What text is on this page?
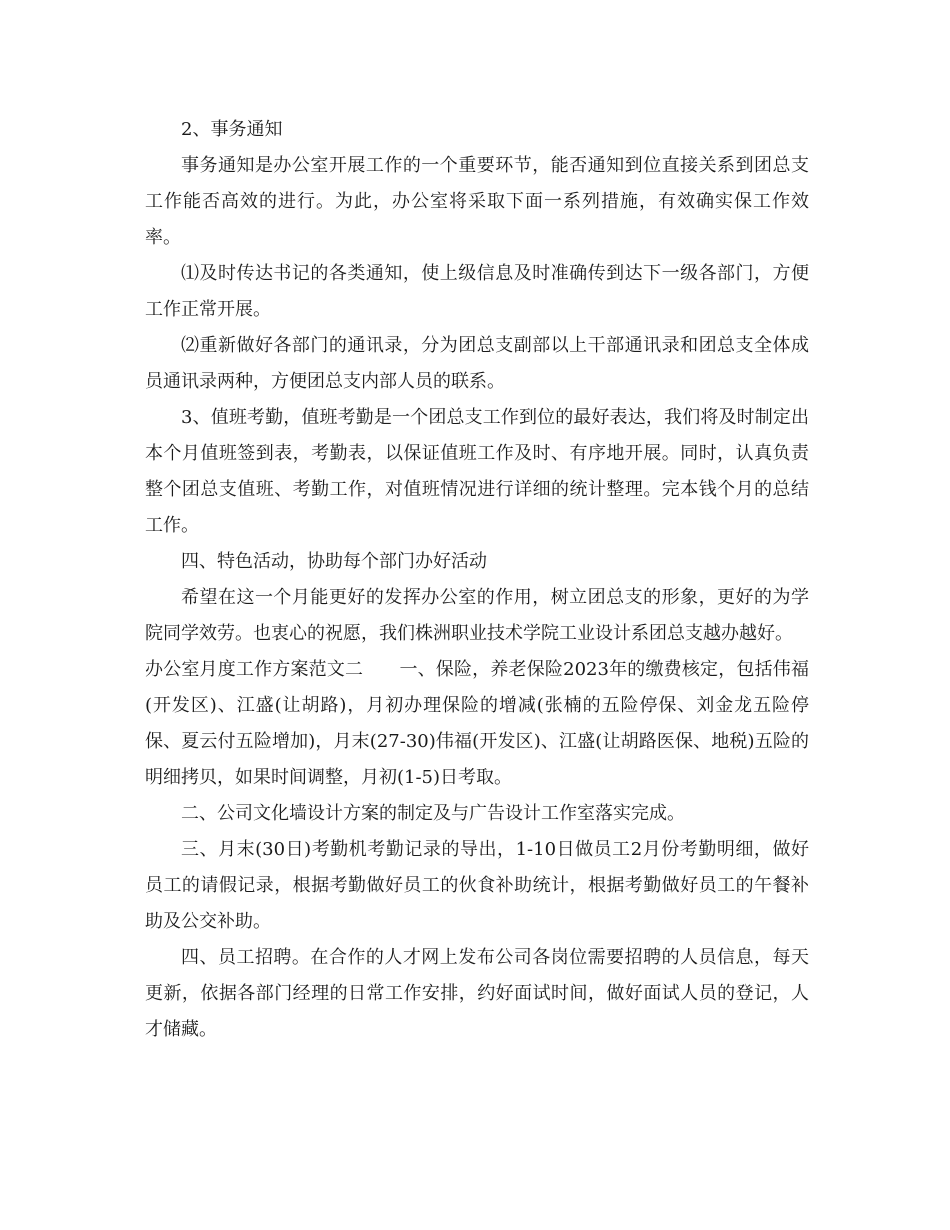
2、事务通知

事务通知是办公室开展工作的一个重要环节，能否通知到位直接关系到团总支工作能否高效的进行。为此，办公室将采取下面一系列措施，有效确实保工作效率。

⑴及时传达书记的各类通知，使上级信息及时准确传到达下一级各部门，方便工作正常开展。

⑵重新做好各部门的通讯录，分为团总支副部以上干部通讯录和团总支全体成员通讯录两种，方便团总支内部人员的联系。

3、值班考勤，值班考勤是一个团总支工作到位的最好表达，我们将及时制定出本个月值班签到表，考勤表，以保证值班工作及时、有序地开展。同时，认真负责整个团总支值班、考勤工作，对值班情况进行详细的统计整理。完本钱个月的总结工作。

四、特色活动，协助每个部门办好活动

希望在这一个月能更好的发挥办公室的作用，树立团总支的形象，更好的为学院同学效劳。也衷心的祝愿，我们株洲职业技术学院工业设计系团总支越办越好。

办公室月度工作方案范文二 一、保险，养老保险2023年的缴费核定，包括伟福(开发区)、江盛(让胡路)，月初办理保险的增减(张楠的五险停保、刘金龙五险停保、夏云付五险增加)，月末(27-30)伟福(开发区)、江盛(让胡路医保、地税)五险的明细拷贝，如果时间调整，月初(1-5)日考取。

二、公司文化墙设计方案的制定及与广告设计工作室落实完成。

三、月末(30日)考勤机考勤记录的导出，1-10日做员工2月份考勤明细，做好员工的请假记录，根据考勤做好员工的伙食补助统计，根据考勤做好员工的午餐补助及公交补助。

四、员工招聘。在合作的人才网上发布公司各岗位需要招聘的人员信息，每天更新，依据各部门经理的日常工作安排，约好面试时间，做好面试人员的登记，人才储藏。
